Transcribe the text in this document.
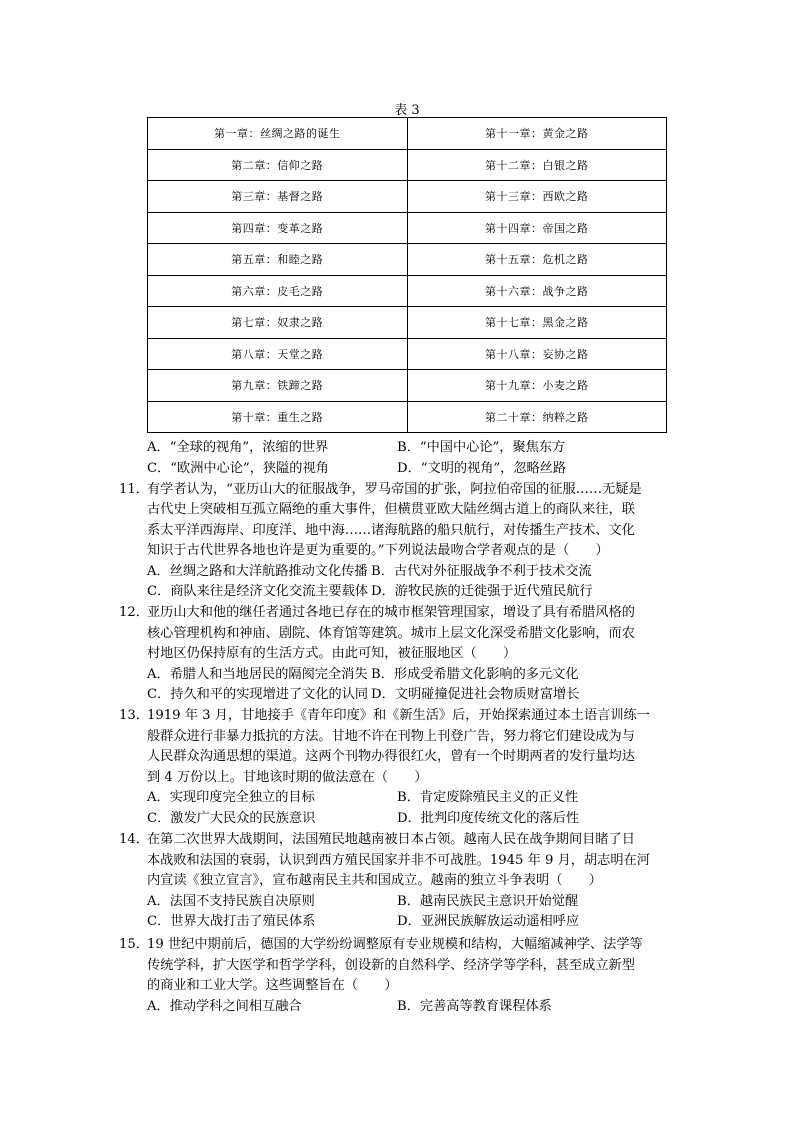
表 3
第一章：丝绸之路的诞生	第十一章：黄金之路
第二章：信仰之路	第十二章：白银之路
第三章：基督之路	第十三章：西欧之路
第四章：变革之路	第十四章：帝国之路
第五章：和睦之路	第十五章：危机之路
第六章：皮毛之路	第十六章：战争之路
第七章：奴隶之路	第十七章：黑金之路
第八章：天堂之路	第十八章：妄协之路
第九章：铁蹄之路	第十九章：小麦之路
第十章：重生之路	第二十章：纳粹之路
A．“全球的视角”，浓缩的世界	B．“中国中心论”，聚焦东方
C．“欧洲中心论”，狭隘的视角	D．“文明的视角”，忽略丝路
11．有学者认为，“亚历山大的征服战争，罗马帝国的扩张，阿拉伯帝国的征服……无疑是
古代史上突破相互孤立隔绝的重大事件，但横贯亚欧大陆丝绸古道上的商队来往，联
系太平洋西海岸、印度洋、地中海……诸海航路的船只航行，对传播生产技术、文化
知识于古代世界各地也许是更为重要的。”下列说法最吻合学者观点的是（　　）
A．丝绸之路和大洋航路推动文化传播 B．古代对外征服战争不利于技术交流
C．商队来往是经济文化交流主要载体 D．游牧民族的迁徙强于近代殖民航行
12．亚历山大和他的继任者通过各地已存在的城市框架管理国家，增设了具有希腊风格的
核心管理机构和神庙、剧院、体育馆等建筑。城市上层文化深受希腊文化影响，而农
村地区仍保持原有的生活方式。由此可知，被征服地区（　　）
A．希腊人和当地居民的隔阂完全消失 B．形成受希腊文化影响的多元文化
C．持久和平的实现增进了文化的认同 D．文明碰撞促进社会物质财富增长
13．1919 年 3 月，甘地接手《青年印度》和《新生活》后，开始探索通过本土语言训练一
般群众进行非暴力抵抗的方法。甘地不许在刊物上刊登广告，努力将它们建设成为与
人民群众沟通思想的渠道。这两个刊物办得很红火，曾有一个时期两者的发行量均达
到 4 万份以上。甘地该时期的做法意在（　　）
A．实现印度完全独立的目标	B．肯定废除殖民主义的正义性
C．激发广大民众的民族意识	D．批判印度传统文化的落后性
14．在第二次世界大战期间，法国殖民地越南被日本占领。越南人民在战争期间目睹了日
本战败和法国的衰弱，认识到西方殖民国家并非不可战胜。1945 年 9 月，胡志明在河
内宣读《独立宣言》，宣布越南民主共和国成立。越南的独立斗争表明（　　）
A．法国不支持民族自决原则	B．越南民族民主意识开始觉醒
C．世界大战打击了殖民体系	D．亚洲民族解放运动遥相呼应
15．19 世纪中期前后，德国的大学纷纷调整原有专业规模和结构，大幅缩减神学、法学等
传统学科，扩大医学和哲学学科，创设新的自然科学、经济学等学科，甚至成立新型
的商业和工业大学。这些调整旨在（　　）
A．推动学科之间相互融合	B．完善高等教育课程体系
